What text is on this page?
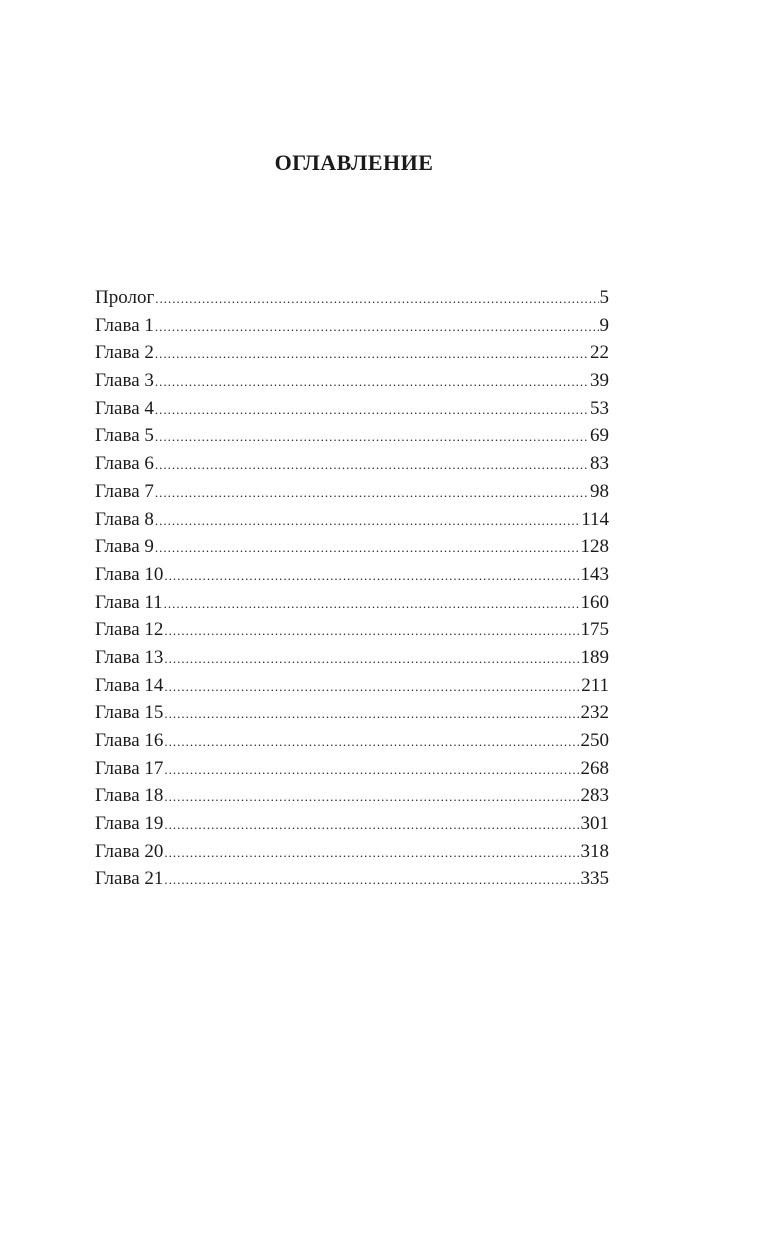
ОГЛАВЛЕНИЕ
Пролог .....	5
Глава 1 .....	9
Глава 2 .....	22
Глава 3 .....	39
Глава 4 .....	53
Глава 5 .....	69
Глава 6 .....	83
Глава 7 .....	98
Глава 8 .....	114
Глава 9 .....	128
Глава 10 .....	143
Глава 11 .....	160
Глава 12 .....	175
Глава 13 .....	189
Глава 14 .....	211
Глава 15 .....	232
Глава 16 .....	250
Глава 17 .....	268
Глава 18 .....	283
Глава 19 .....	301
Глава 20 .....	318
Глава 21 .....	335
